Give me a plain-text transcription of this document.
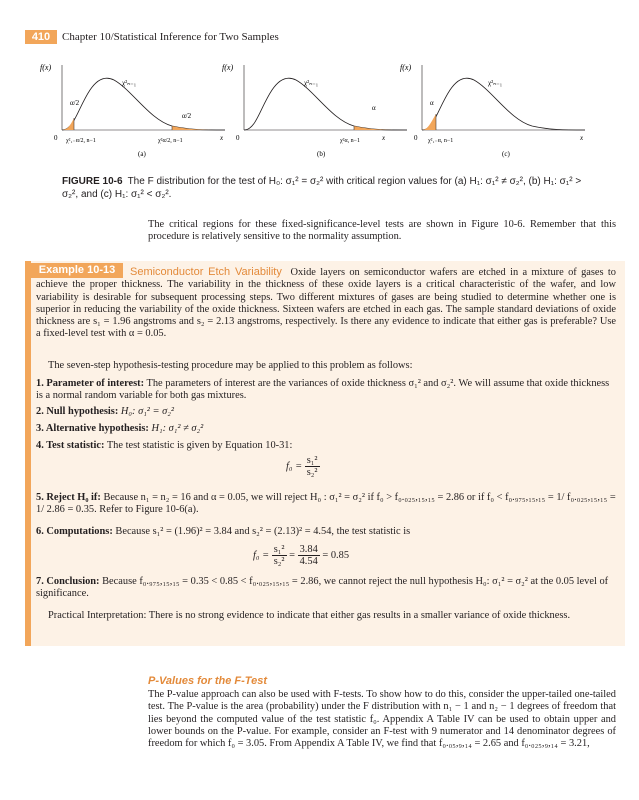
410	Chapter 10/Statistical Inference for Two Samples
f(x)
χ²ₙ₋₁
α/2
α/2
0 χ²₁₋α/2, n−1	χ²α/2, n−1	x
(a)
f(x)
χ²ₙ₋₁
α
0	χ²α, n−1	x
(b)
f(x)
χ²ₙ₋₁
α
0 χ²₁₋α, n−1	x
(c)
FIGURE 10-6 The F distribution for the test of H₀: σ₁² = σ₂² with critical region values for (a) H₁: σ₁² ≠ σ₂², (b) H₁: σ₁² > σ₂², and (c) H₁: σ₁² < σ₂².
The critical regions for these fixed-significance-level tests are shown in Figure 10-6. Remember that this procedure is relatively sensitive to the normality assumption.
Example 10-13	Semiconductor Etch Variability Oxide layers on semiconductor wafers are etched in a mixture of gases to achieve the proper thickness. The variability in the thickness of these oxide layers is a critical characteristic of the wafer, and low variability is desirable for subsequent processing steps. Two different mixtures of gases are being studied to determine whether one is superior in reducing the variability of the oxide thickness. Sixteen wafers are etched in each gas. The sample standard deviations of oxide thickness are s₁ = 1.96 angstroms and s₂ = 2.13 angstroms, respectively. Is there any evidence to indicate that either gas is preferable? Use a fixed-level test with α = 0.05.
The seven-step hypothesis-testing procedure may be applied to this problem as follows:
1. Parameter of interest: The parameters of interest are the variances of oxide thickness σ₁² and σ₂². We will assume that oxide thickness is a normal random variable for both gas mixtures.
2. Null hypothesis: H₀: σ₁² = σ₂²
3. Alternative hypothesis: H₁: σ₁² ≠ σ₂²
4. Test statistic: The test statistic is given by Equation 10-31:
$f_0 = \frac{\text{s₁²}}{\text{s₂²}}$
5. Reject H₀ if: Because n₁ = n₂ = 16 and α = 0.05, we will reject H₀ : σ₁² = σ₂² if f₀ > f₀.₀₂₅,₁₅,₁₅ = 2.86 or if f₀ < f₀.₉₇₅,₁₅,₁₅ = 1/ f₀.₀₂₅,₁₅,₁₅ = 1/ 2.86 = 0.35. Refer to Figure 10-6(a).
6. Computations: Because s₁² = (1.96)² = 3.84 and s₂² = (2.13)² = 4.54, the test statistic is
$f_0 = \frac{\text{s₁²}}{\text{s₂²}} = \frac{3.84}{4.54} = 0.85$
7. Conclusion: Because f₀.₉₇₅,₁₅,₁₅ = 0.35 < 0.85 < f₀.₀₂₅,₁₅,₁₅ = 2.86, we cannot reject the null hypothesis H₀: σ₁² = σ₂² at the 0.05 level of significance.
Practical Interpretation: There is no strong evidence to indicate that either gas results in a smaller variance of oxide thickness.
P-Values for the F-Test
The P-value approach can also be used with F-tests. To show how to do this, consider the upper-tailed one-tailed test. The P-value is the area (probability) under the F distribution with n₁ − 1 and n₂ − 1 degrees of freedom that lies beyond the computed value of the test statistic f₀. Appendix A Table IV can be used to obtain upper and lower bounds on the P-value. For example, consider an F-test with 9 numerator and 14 denominator degrees of freedom for which f₀ = 3.05. From Appendix A Table IV, we find that f₀.₀₅,₉,₁₄ = 2.65 and f₀.₀₂₅,₉,₁₄ = 3.21,
